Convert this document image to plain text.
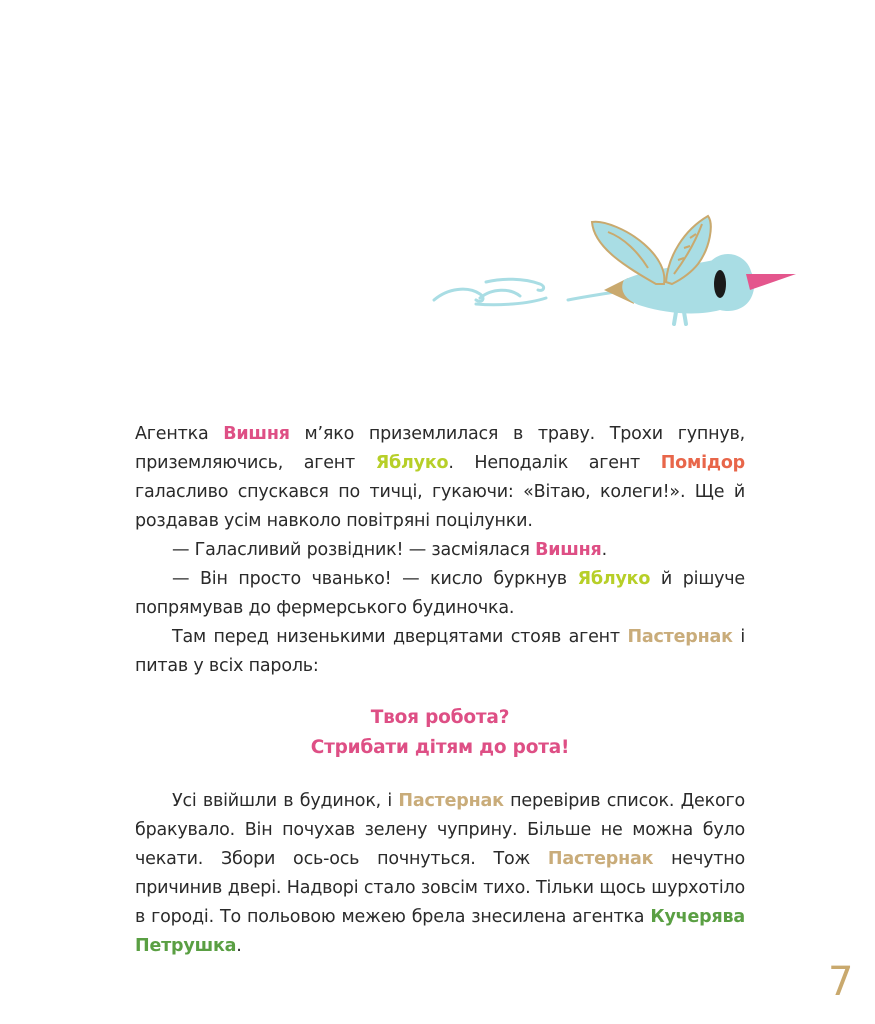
Агентка Вишня м’яко приземлилася в траву. Трохи гупнув, приземляючись, агент Яблуко. Неподалік агент Помідор галасливо спускався по тичці, гукаючи: «Вітаю, колеги!». Ще й роздавав усім навколо повітряні поцілунки.

— Галасливий розвідник! — засміялася Вишня.

— Він просто чванько! — кисло буркнув Яблуко й рішуче попрямував до фермерського будиночка.

Там перед низенькими дверцятами стояв агент Пастернак і питав у всіх пароль:

Твоя робота?
Стрибати дітям до рота!

Усі ввійшли в будинок, і Пастернак перевірив список. Декого бракувало. Він почухав зелену чуприну. Більше не можна було чекати. Збори ось-ось почнуться. Тож Пастернак нечутно причинив двері. Надворі стало зовсім тихо. Тільки щось шурхотіло в городі. То польовою межею брела знесилена агентка Кучерява Петрушка.

7
